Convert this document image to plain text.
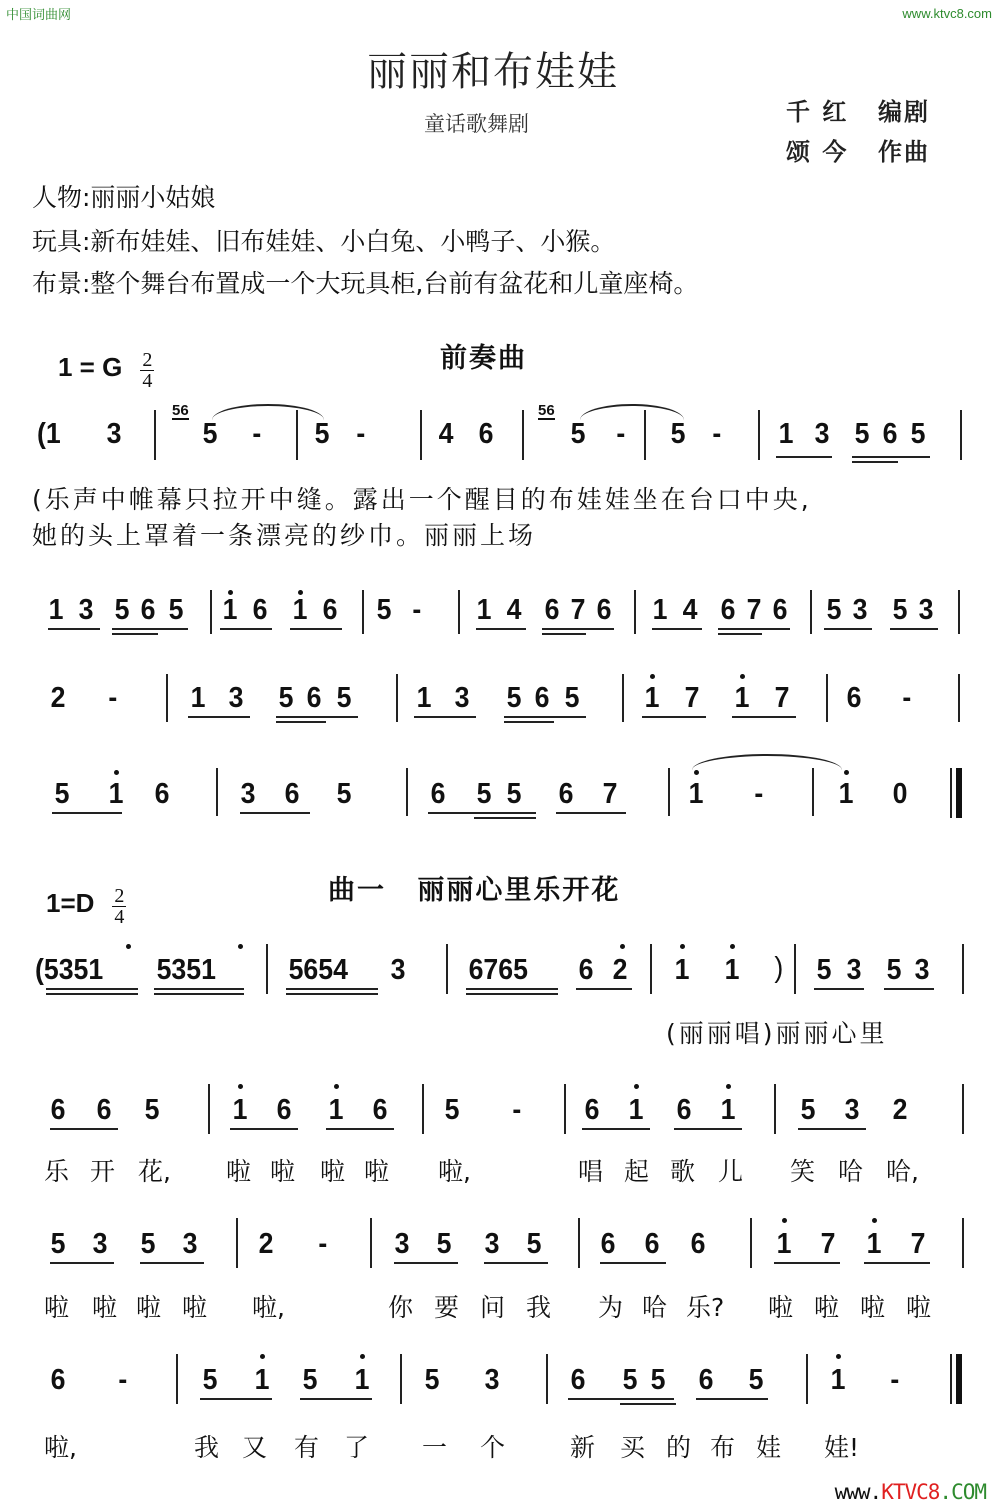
中国词曲网	www.ktvc8.com
丽丽和布娃娃
童话歌舞剧	千 红 编剧
颂 今 作曲
人物:丽丽小姑娘
玩具:新布娃娃、旧布娃娃、小白兔、小鸭子、小猴。
布景:整个舞台布置成一个大玩具柜,台前有盆花和儿童座椅。
1 = G $\frac{2}{4}$	前奏曲
(1 3
56
5 - 5 -	4 6
56
5 - 5 - 1 3 5 6 5
(乐声中帷幕只拉开中缝。露出一个醒目的布娃娃坐在台口中央,
她的头上罩着一条漂亮的纱巾。丽丽上场
1 3 5 6 5 1 6 1 6 5 - 1 4 6 7 6 1 4 6 7 6 5 3 5 3
2 -	1 3 5 6 5 1 3 5 6 5 1 7 1 7 6 -
5 1 6 3 6 5	6 5 5 6 7 1 -	1 0
$1=D \frac{2}{4}$	曲一 丽丽心里乐开花
(5351 5351	5654 3 6765 6 2 1 1 ) 5 3 5 3
(丽丽唱)丽丽心里
6 6 5	1 6 1 6 5 - 6 1 6 1 5 3 2
乐 开 花, 啦 啦 啦 啦 啦,	唱 起 歌 儿 笑 哈 哈,
5 3 5 3 2 - 3 5 3 5 6 6 6 1 7 1 7
啦 啦 啦 啦 啦,	你 要 问 我 为 哈 乐? 啦 啦 啦 啦
6 -	5 1 5 1 5 3 6 5 5 6 5 1 -
啦,	我 又 有 了 一 个	新 买 的 布 娃 娃!
www.KTVC8.COM
